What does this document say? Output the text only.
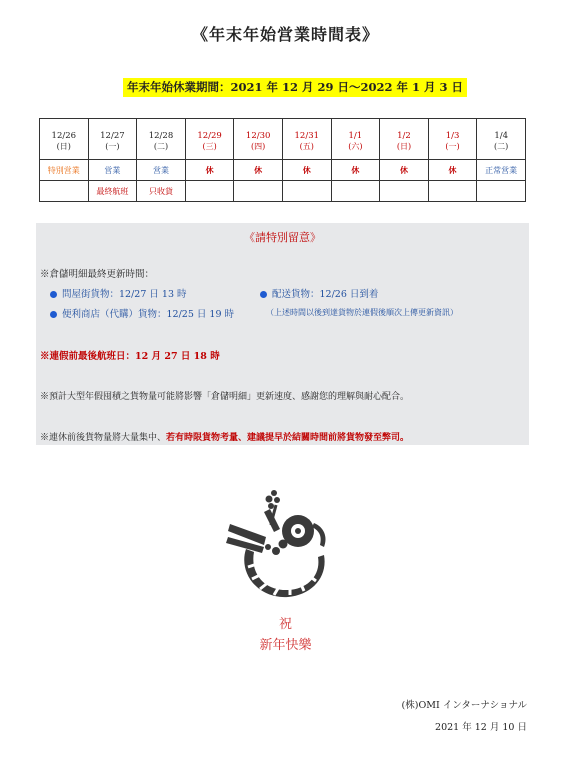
《年末年始営業時間表》
年末年始休業期間：2021 年 12 月 29 日～2022 年 1 月 3 日
12/26	12/27	12/28	12/29	12/30	12/31	1/1	1/2	1/3	1/4
(日)	(一)	(二)	(三)	(四)	(五)	(六)	(日)	(一)	(二)
特別営業	営業	営業	休	休	休	休	休	休	正常営業
	最終航班	只收貨							
《請特別留意》
※倉儲明細最終更新時間：
問屋街貨物：12/27 日 13 時	配送貨物：12/26 日到着
便利商店（代購）貨物：12/25 日 19 時	（上述時間以後到達貨物於連假後順次上傳更新資訊）
※連假前最後航班日：12 月 27 日 18 時
※預計大型年假囤積之貨物量可能將影響「倉儲明細」更新速度、感謝您的理解與耐心配合。
※連休前後貨物量將大量集中、若有時限貨物考量、建議提早於結關時間前將貨物發至弊司。
祝
新年快樂
(株)OMI インターナショナル
2021 年 12 月 10 日
